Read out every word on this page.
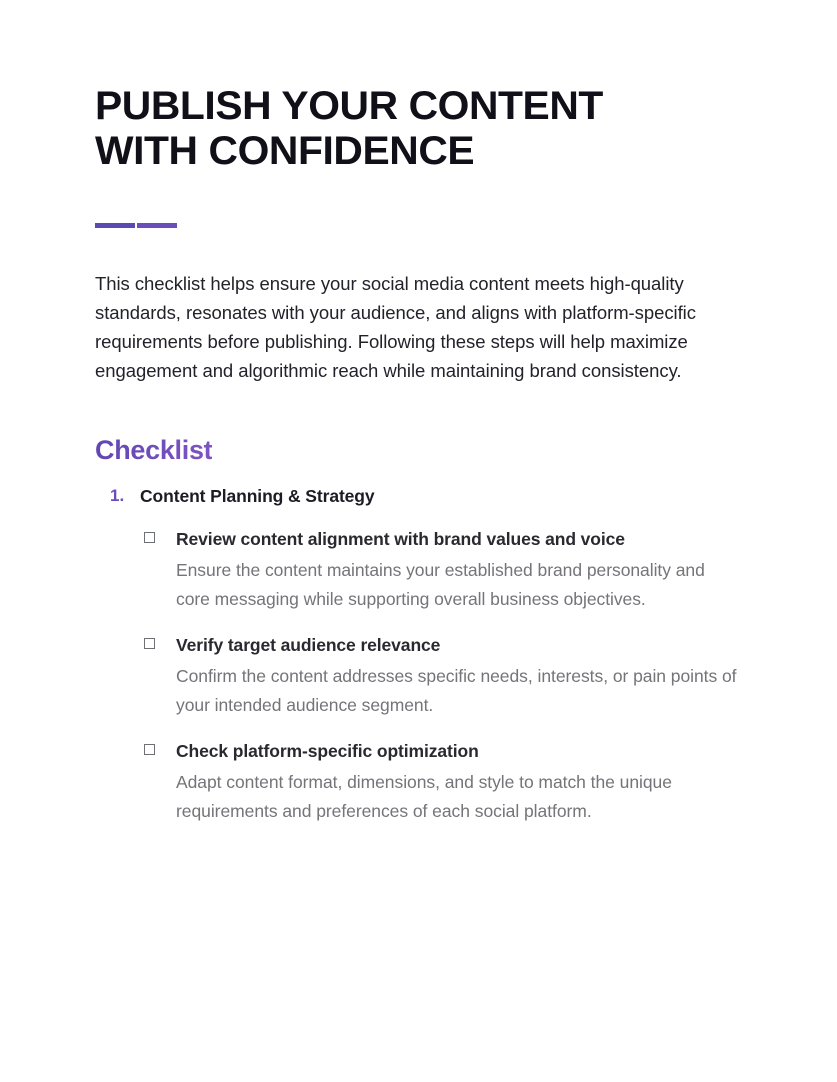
PUBLISH YOUR CONTENT WITH CONFIDENCE

This checklist helps ensure your social media content meets high-quality standards, resonates with your audience, and aligns with platform-specific requirements before publishing. Following these steps will help maximize engagement and algorithmic reach while maintaining brand consistency.

Checklist
1. Content Planning & Strategy

Review content alignment with brand values and voice

Ensure the content maintains your established brand personality and core messaging while supporting overall business objectives.

Verify target audience relevance

Confirm the content addresses specific needs, interests, or pain points of your intended audience segment.

Check platform-specific optimization

Adapt content format, dimensions, and style to match the unique requirements and preferences of each social platform.
